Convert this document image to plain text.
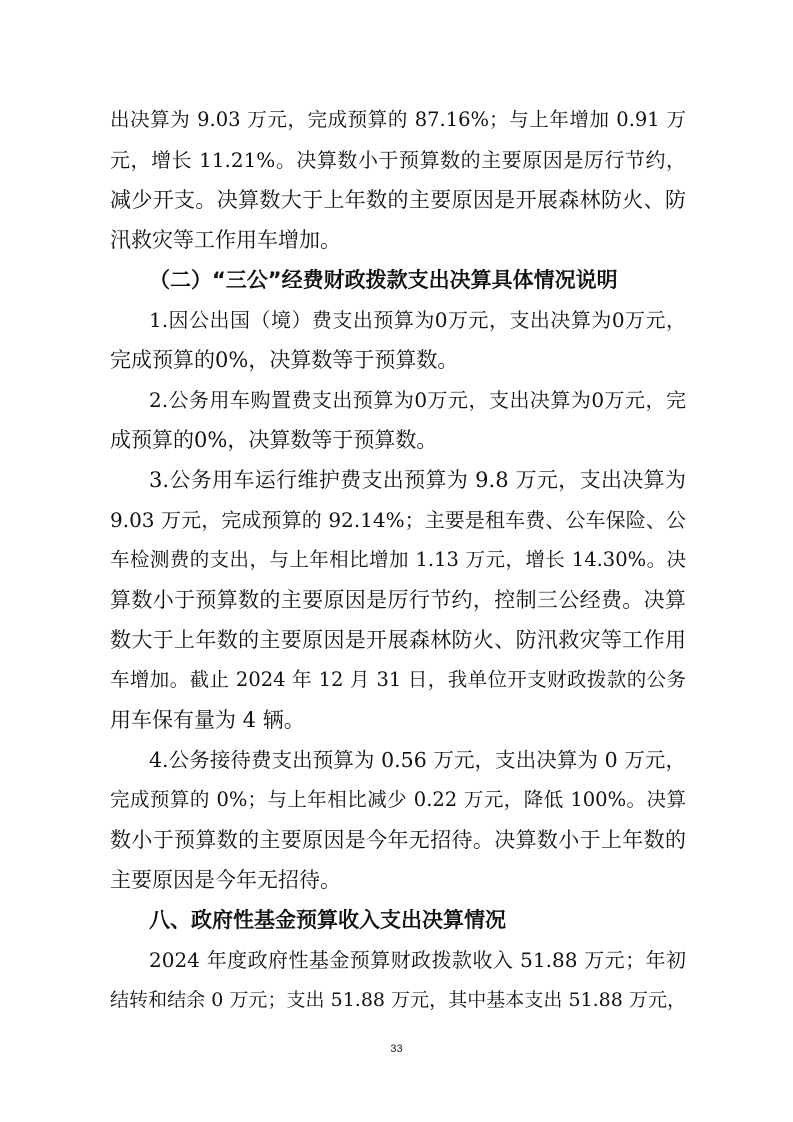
出决算为 9.03 万元，完成预算的 87.16%；与上年增加 0.91 万
元，增长 11.21%。决算数小于预算数的主要原因是厉行节约，
减少开支。决算数大于上年数的主要原因是开展森林防火、防
汛救灾等工作用车增加。
（二）“三公”经费财政拨款支出决算具体情况说明
1.因公出国（境）费支出预算为0万元，支出决算为0万元，
完成预算的0%，决算数等于预算数。
2.公务用车购置费支出预算为0万元，支出决算为0万元，完
成预算的0%，决算数等于预算数。
3.公务用车运行维护费支出预算为 9.8 万元，支出决算为
9.03 万元，完成预算的 92.14%；主要是租车费、公车保险、公
车检测费的支出，与上年相比增加 1.13 万元，增长 14.30%。决
算数小于预算数的主要原因是厉行节约，控制三公经费。决算
数大于上年数的主要原因是开展森林防火、防汛救灾等工作用
车增加。截止 2024 年 12 月 31 日，我单位开支财政拨款的公务
用车保有量为 4 辆。
4.公务接待费支出预算为 0.56 万元，支出决算为 0 万元，
完成预算的 0%；与上年相比减少 0.22 万元，降低 100%。决算
数小于预算数的主要原因是今年无招待。决算数小于上年数的
主要原因是今年无招待。
八、政府性基金预算收入支出决算情况
2024 年度政府性基金预算财政拨款收入 51.88 万元；年初
结转和结余 0 万元；支出 51.88 万元，其中基本支出 51.88 万元，
33
